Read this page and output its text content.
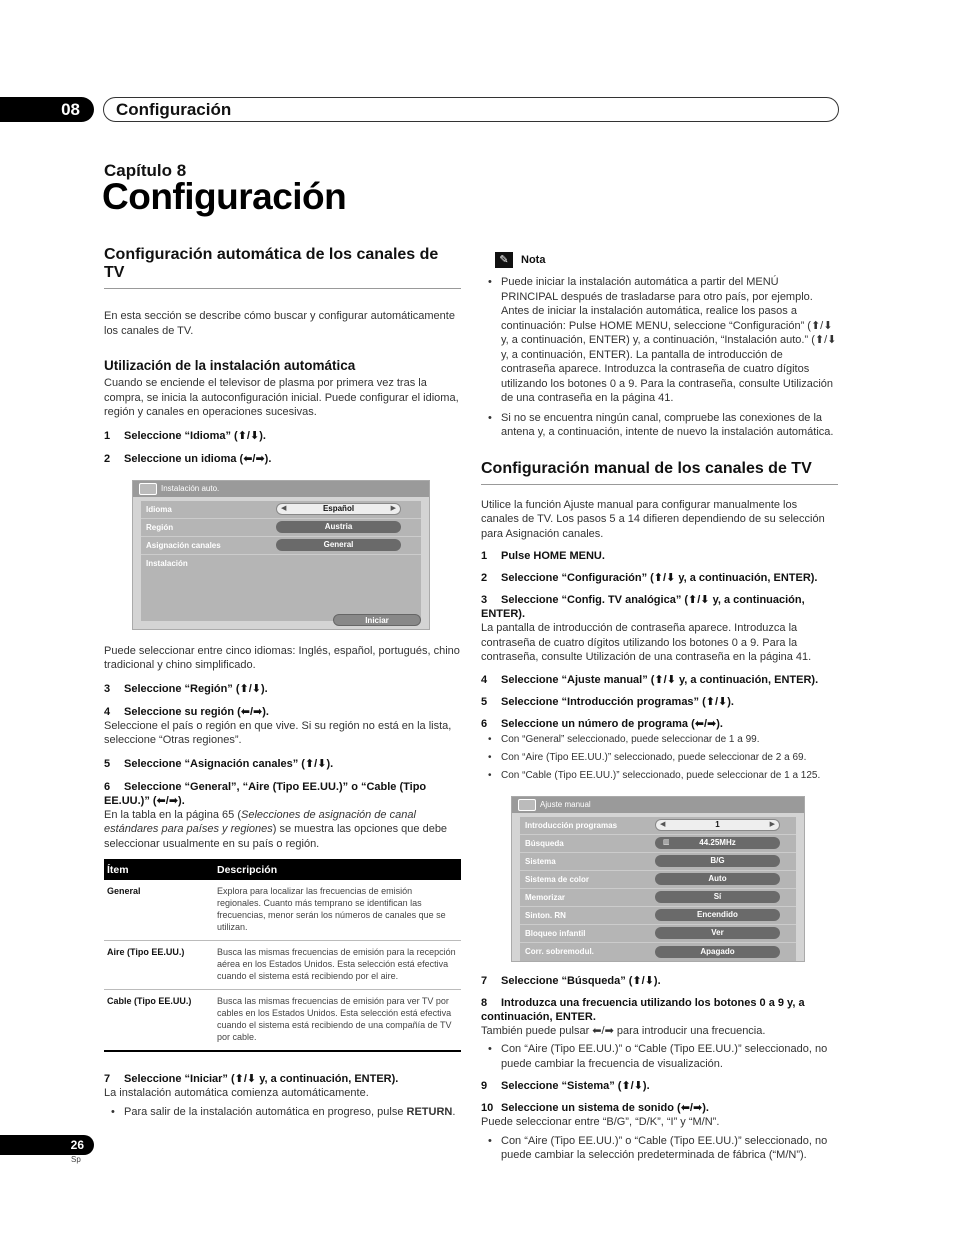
08	Configuración
Capítulo 8
Configuración
Configuración automática de los canales de TV

En esta sección se describe cómo buscar y configurar automáticamente los canales de TV.

Utilización de la instalación automática

Cuando se enciende el televisor de plasma por primera vez tras la compra, se inicia la autoconfiguración inicial. Puede configurar el idioma, región y canales en operaciones sucesivas.

1 Seleccione “Idioma” (⬆/⬇).
2 Seleccione un idioma (⬅/➡).
Instalación auto.
Idioma	◀	Español	▶
Región	Austria
Asignación canales	General
Instalación
Iniciar

Puede seleccionar entre cinco idiomas: Inglés, español, portugués, chino tradicional y chino simplificado.

3 Seleccione “Región” (⬆/⬇).
4 Seleccione su región (⬅/➡).

Seleccione el país o región en que vive. Si su región no está en la lista, seleccione “Otras regiones”.

5 Seleccione “Asignación canales” (⬆/⬇).
6 Seleccione “General”, “Aire (Tipo EE.UU.)” o “Cable (Tipo EE.UU.)” (⬅/➡).

En la tabla en la página 65 (Selecciones de asignación de canal estándares para países y regiones) se muestra las opciones que debe seleccionar usualmente en su país o región.

Ítem	Descripción
General	Explora para localizar las frecuencias de emisión regionales. Cuanto más temprano se identifican las frecuencias, menor serán los números de canales que se utilizan.
Aire (Tipo EE.UU.)	Busca las mismas frecuencias de emisión para la recepción aérea en los Estados Unidos. Esta selección está efectiva cuando el sistema está recibiendo por el aire.
Cable (Tipo EE.UU.)	Busca las mismas frecuencias de emisión para ver TV por cables en los Estados Unidos. Esta selección está efectiva cuando el sistema está recibiendo de una compañía de TV por cable.
7 Seleccione “Iniciar” (⬆/⬇ y, a continuación, ENTER).

La instalación automática comienza automáticamente.

• Para salir de la instalación automática en progreso, pulse RETURN.
✎	Nota
• Puede iniciar la instalación automática a partir del MENÚ PRINCIPAL después de trasladarse para otro país, por ejemplo. Antes de iniciar la instalación automática, realice los pasos a continuación: Pulse HOME MENU, seleccione “Configuración” (⬆/⬇ y, a continuación, ENTER) y, a continuación, “Instalación auto.” (⬆/⬇ y, a continuación, ENTER). La pantalla de introducción de contraseña aparece. Introduzca la contraseña de cuatro dígitos utilizando los botones 0 a 9. Para la contraseña, consulte Utilización de una contraseña en la página 41.
• Si no se encuentra ningún canal, compruebe las conexiones de la antena y, a continuación, intente de nuevo la instalación automática.
Configuración manual de los canales de TV

Utilice la función Ajuste manual para configurar manualmente los canales de TV. Los pasos 5 a 14 difieren dependiendo de su selección para Asignación canales.

1 Pulse HOME MENU.
2 Seleccione “Configuración” (⬆/⬇ y, a continuación, ENTER).
3 Seleccione “Config. TV analógica” (⬆/⬇ y, a continuación, ENTER).

La pantalla de introducción de contraseña aparece. Introduzca la contraseña de cuatro dígitos utilizando los botones 0 a 9. Para la contraseña, consulte Utilización de una contraseña en la página 41.

4 Seleccione “Ajuste manual” (⬆/⬇ y, a continuación, ENTER).
5 Seleccione “Introducción programas” (⬆/⬇).
6 Seleccione un número de programa (⬅/➡).
• Con “General” seleccionado, puede seleccionar de 1 a 99.
• Con “Aire (Tipo EE.UU.)” seleccionado, puede seleccionar de 2 a 69.
• Con “Cable (Tipo EE.UU.)” seleccionado, puede seleccionar de 1 a 125.
Ajuste manual
Introducción programas	◀	1	▶
Búsqueda	▥	44.25MHz
Sistema	B/G
Sistema de color	Auto
Memorizar	Sí
Sinton. RN	Encendido
Bloqueo infantil	Ver
Corr. sobremodul.	Apagado
7 Seleccione “Búsqueda” (⬆/⬇).
8 Introduzca una frecuencia utilizando los botones 0 a 9 y, a continuación, ENTER.

También puede pulsar ⬅/➡ para introducir una frecuencia.

• Con “Aire (Tipo EE.UU.)” o “Cable (Tipo EE.UU.)” seleccionado, no puede cambiar la frecuencia de visualización.
9 Seleccione “Sistema” (⬆/⬇).
10 Seleccione un sistema de sonido (⬅/➡).

Puede seleccionar entre “B/G”, “D/K”, “I” y “M/N”.

• Con “Aire (Tipo EE.UU.)” o “Cable (Tipo EE.UU.)” seleccionado, no puede cambiar la selección predeterminada de fábrica (“M/N”).
26
Sp
